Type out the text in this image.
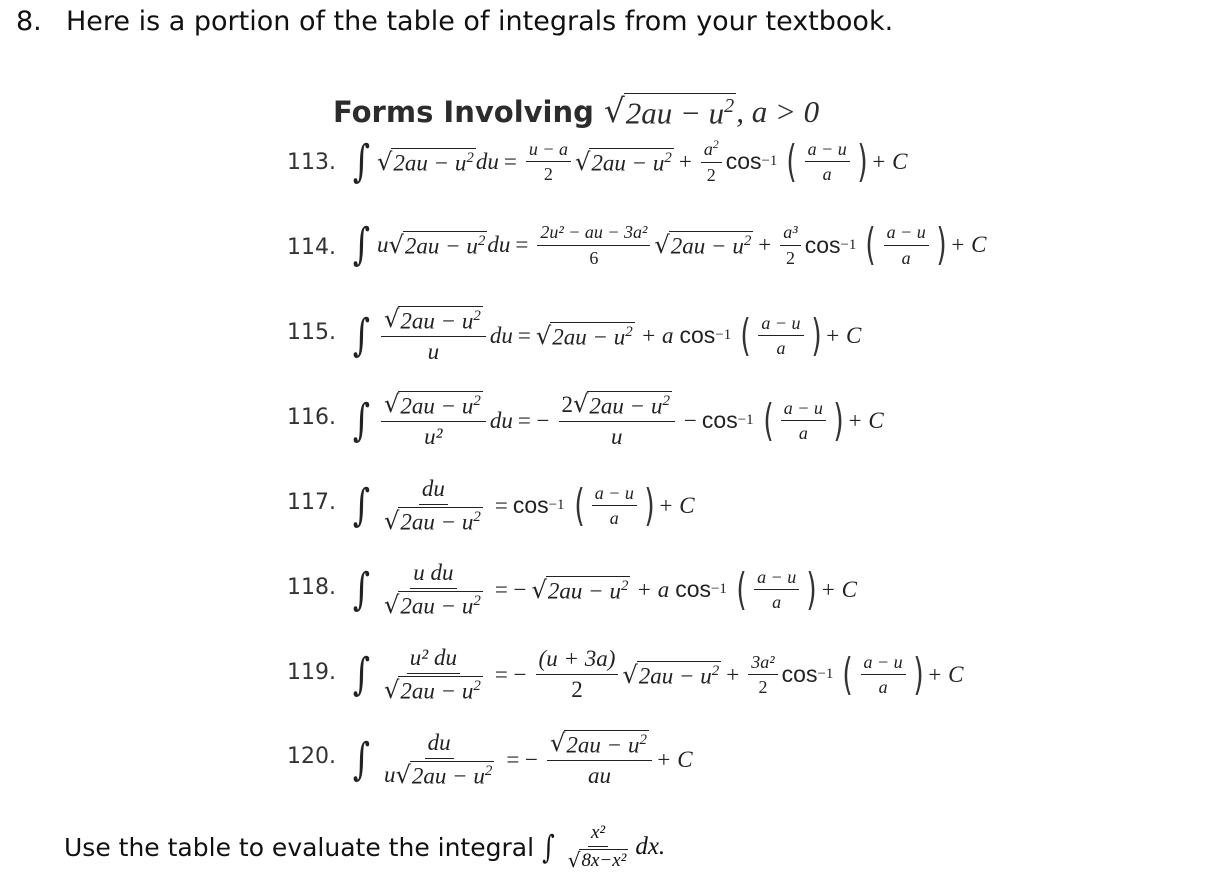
8. Here is a portion of the table of integrals from your textbook.
Forms Involving √ $2au - u^2$ , a > 0
113. ∫ √ $2au - u^2$ du = $\frac{u - a}{2}$ √ $2au - u^2 + \frac{a^2}{2}$ cos −1 ( $\frac{a - u}{a}$ ) + C
114. ∫ u √ $2au - u^2$ du = $\frac{\text{2u² − au − 3a²}}{6}$ √ $2au - u^2 + \frac{\text{a³}}{2}$ cos −1 ( $\frac{a - u}{a}$ ) + C
115. ∫ $\frac{√ 2au - u^2}{u}$ du = √ $2au - u^2 + a$ cos −1 ( $\frac{a - u}{a}$ ) + C
116. ∫ $\frac{√ 2au - u^2}{\text{u²}}$ du = − $\frac{2 √ 2au - u^2}{u} - \cos -1$ ( $\frac{a - u}{a}$ ) + C
117. ∫ $\frac{du}{√ 2au - u^2} = \cos -1$ ( $\frac{a - u}{a}$ ) + C
118. ∫ $\frac{\text{u du}}{√ 2au - u^2}$ = − √ $2au - u^2 + a$ cos −1 ( $\frac{a - u}{a}$ ) + C
119. ∫ $\frac{\text{u² du}}{√ 2au - u^2}$ = − $\frac{(u + 3a)}{2}$ √ $2au - u^2 + \frac{\text{3a²}}{2}$ cos −1 ( $\frac{a - u}{a}$ ) + C
120. ∫ $\frac{du}{u √ 2au - u^2}$ = − $\frac{√ 2au - u^2}{au} + C$
Use the table to evaluate the integral ∫ $\frac{\text{x²}}{\text{√ 8x−x²}}$ dx.
